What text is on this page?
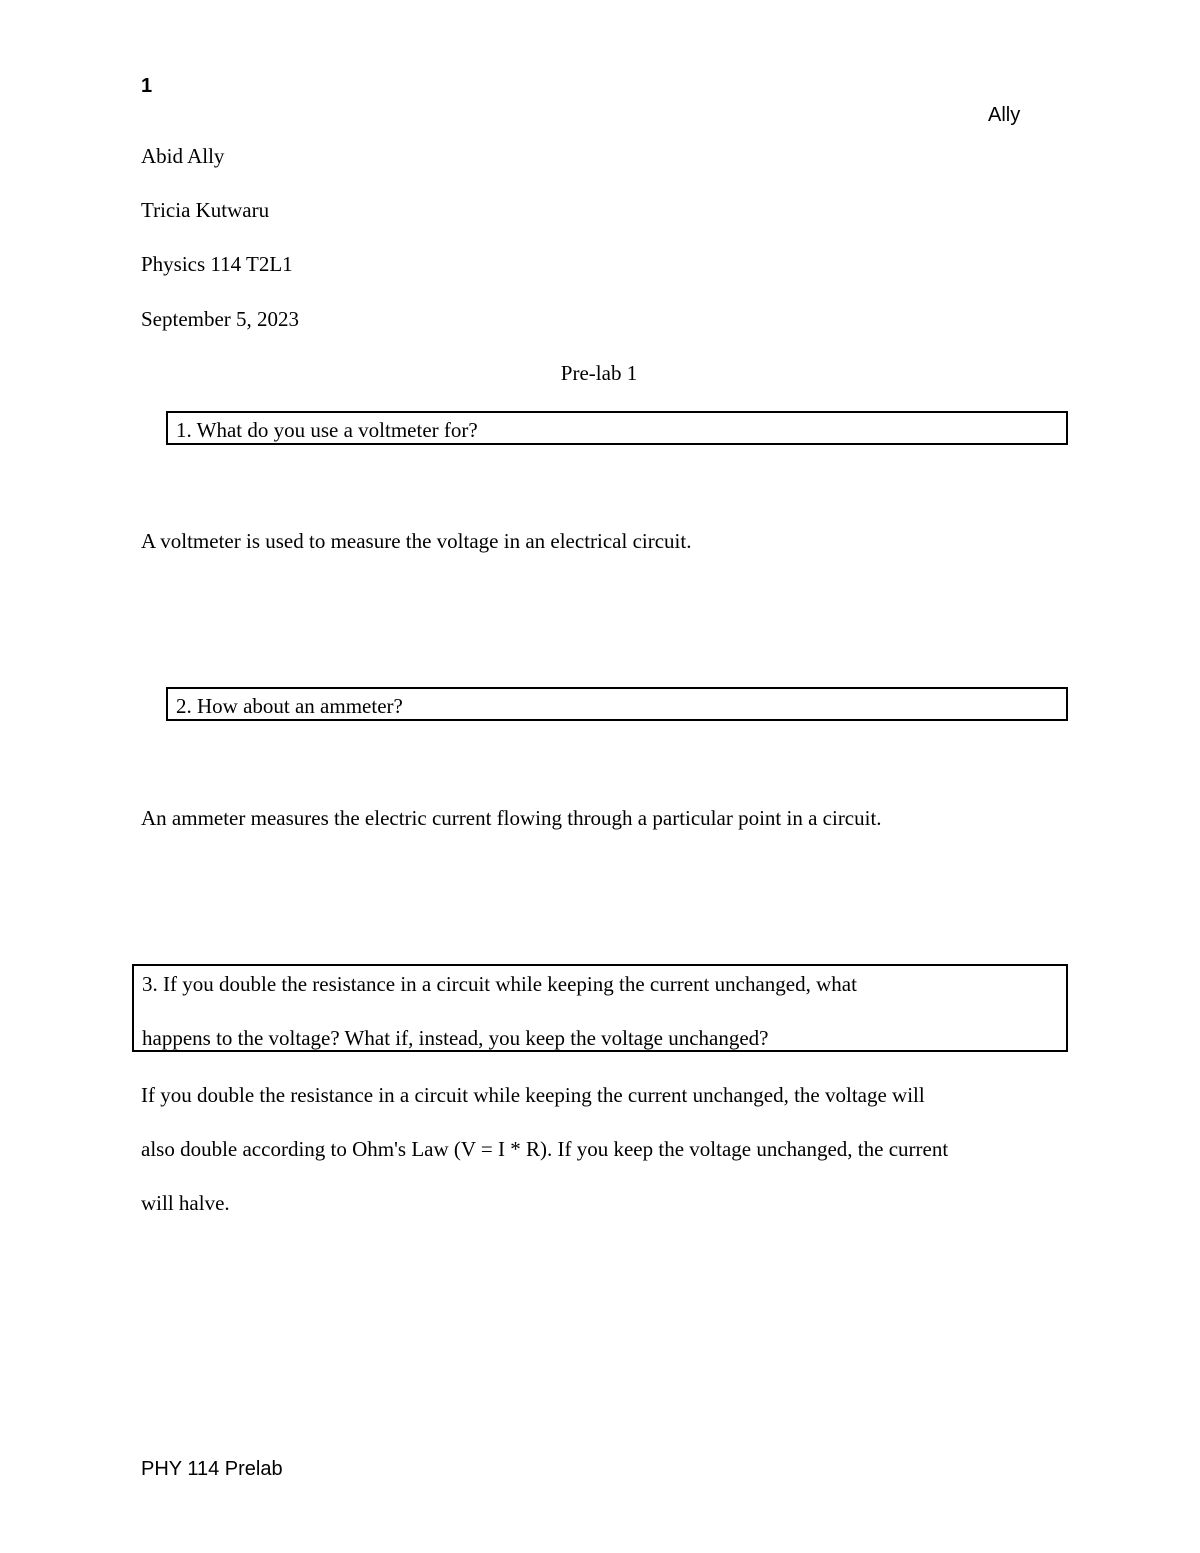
1
Ally
Abid Ally
Tricia Kutwaru
Physics 114 T2L1
September 5, 2023
Pre-lab 1
1. What do you use a voltmeter for?
A voltmeter is used to measure the voltage in an electrical circuit.
2. How about an ammeter?
An ammeter measures the electric current flowing through a particular point in a circuit.
3. If you double the resistance in a circuit while keeping the current unchanged, what
happens to the voltage? What if, instead, you keep the voltage unchanged?
If you double the resistance in a circuit while keeping the current unchanged, the voltage will
also double according to Ohm's Law (V = I * R). If you keep the voltage unchanged, the current
will halve.
PHY 114 Prelab
